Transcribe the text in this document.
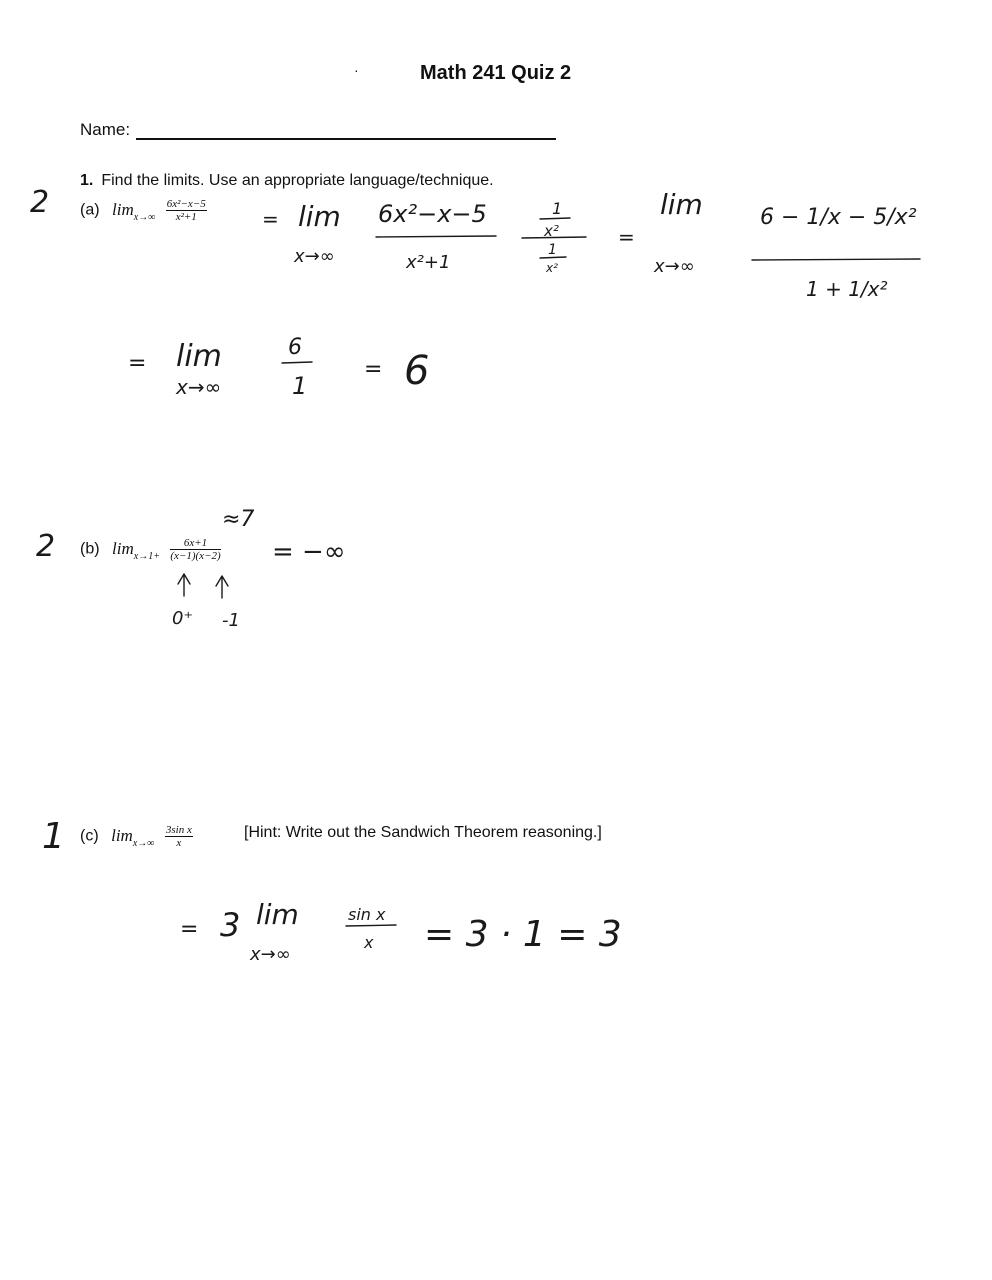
·	Math 241 Quiz 2
Name:
1. Find the limits. Use an appropriate language/technique.
(a) $\lim_{x\to\infty} \frac{\text{6x²−x−5}}{\text{x²+1}}$
(b) $\lim_{x\to 1+} \frac{6x+1}{(x-1)(x-2)}$
(c) $\lim_{x\to\infty} \frac{\text{3sin x}}{x}$	[Hint: Write out the Sandwich Theorem reasoning.]
2
2
1
= lim
x→∞
6x²−x−5
x²+1
1
x²
1
x²
=
lim
x→∞
6 − 1/x − 5/x²
1 + 1/x²
= lim
x→∞
6
1
= 6
≈7
= −∞
0⁺ -1
= 3 lim
x→∞
sin x
x = 3 · 1 = 3
